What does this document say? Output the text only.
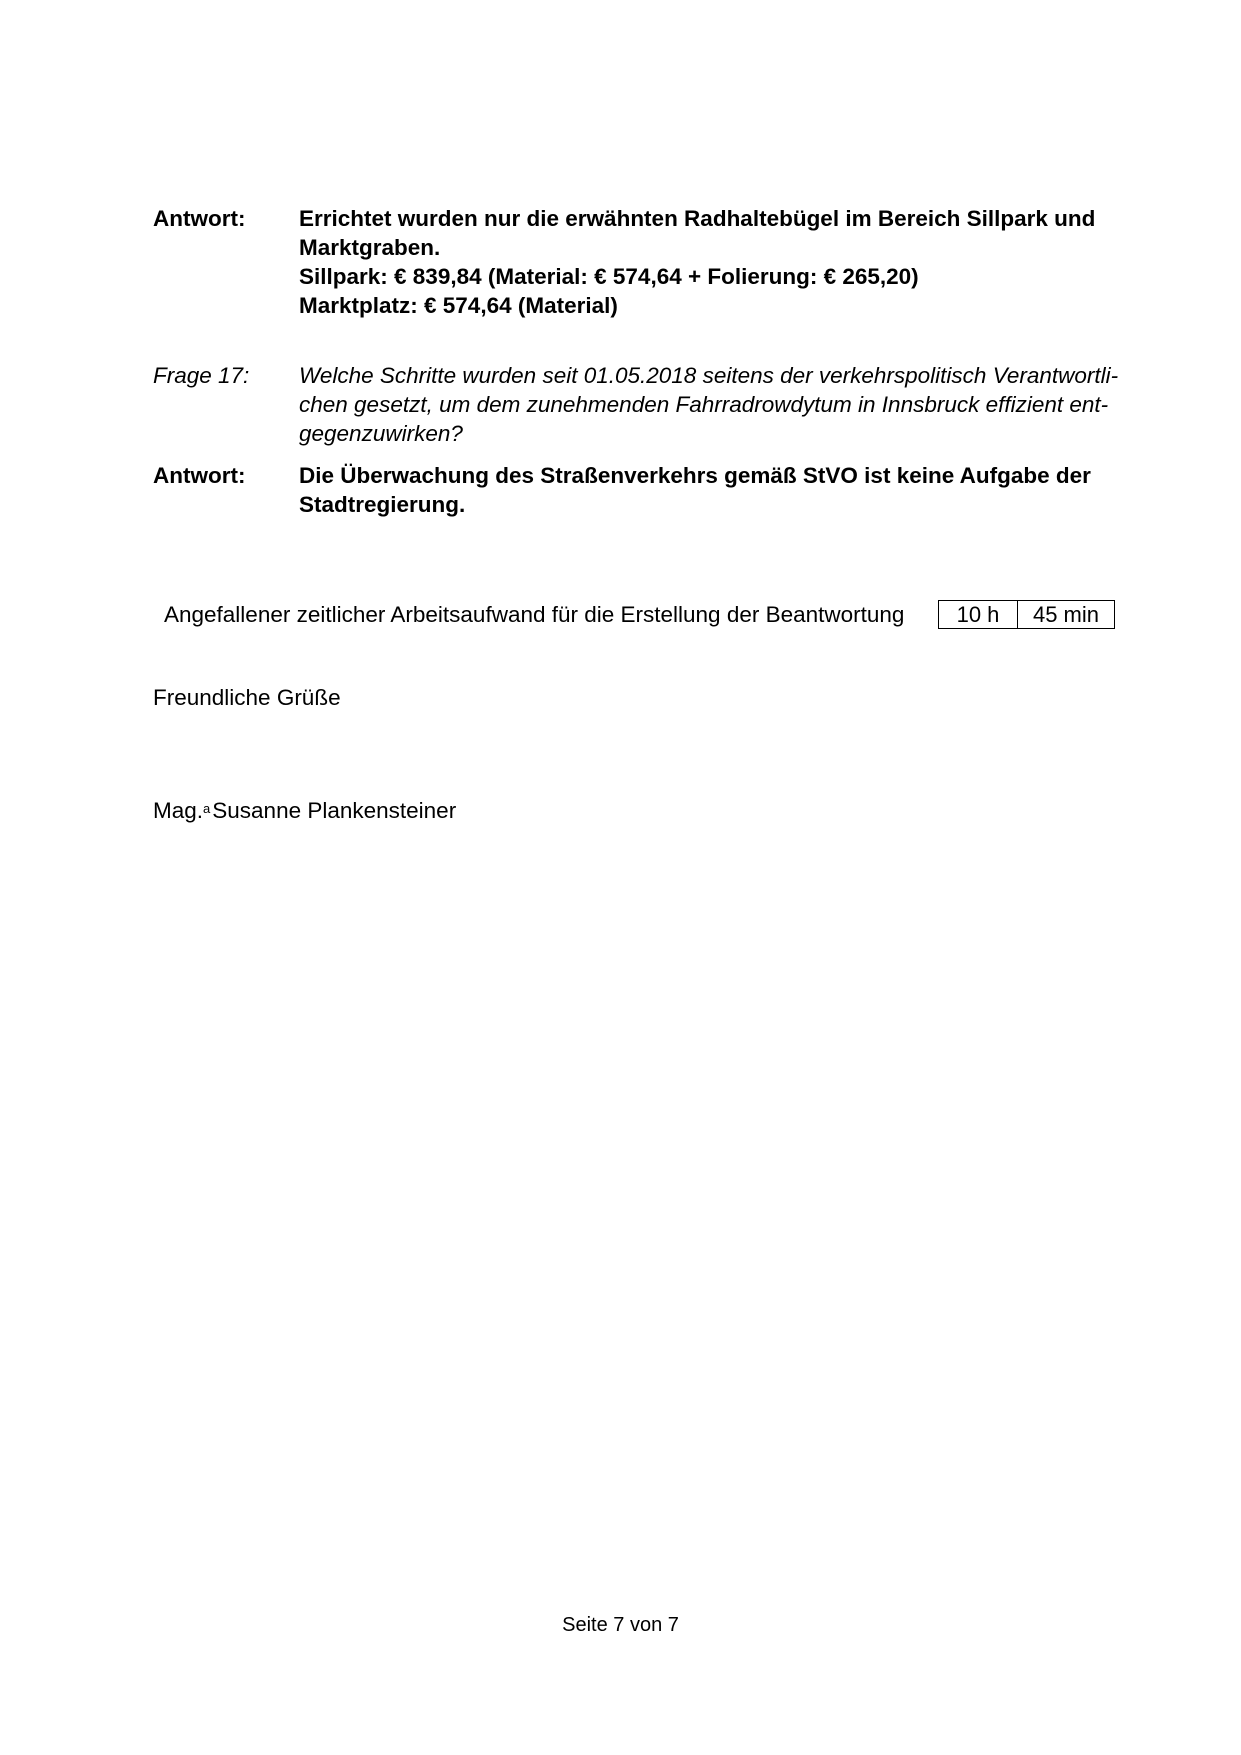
Antwort:	Errichtet wurden nur die erwähnten Radhaltebügel im Bereich Sillpark und
Marktgraben.
Sillpark: € 839,84 (Material: € 574,64 + Folierung: € 265,20)
Marktplatz: € 574,64 (Material)
Frage 17:	Welche Schritte wurden seit 01.05.2018 seitens der verkehrspolitisch Verantwortli-
chen gesetzt, um dem zunehmenden Fahrradrowdytum in Innsbruck effizient ent-
gegenzuwirken?
Antwort:	Die Überwachung des Straßenverkehrs gemäß StVO ist keine Aufgabe der
Stadtregierung.
Angefallener zeitlicher Arbeitsaufwand für die Erstellung der Beantwortung	10 h	45 min
Freundliche Grüße
Mag.$^a$Susanne Plankensteiner
Seite 7 von 7
